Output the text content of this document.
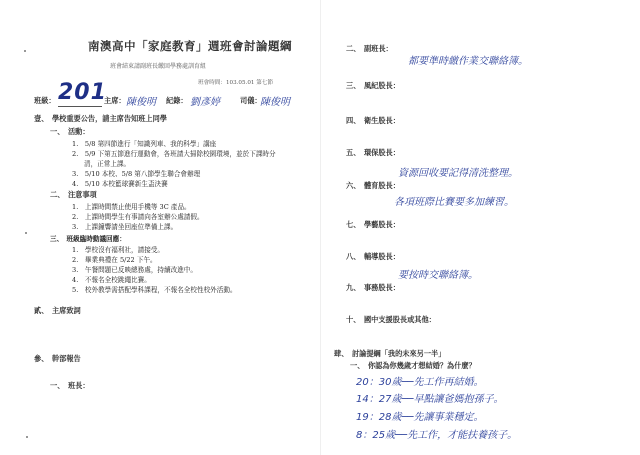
南澳高中「家庭教育」週班會討論題綱
班會結束請副班長繳回學務處訓育組
班會時間：103.05.01 第七節
班級： 201
主席： 陳俊明 紀錄： 劉彥婷	司儀：
陳俊明
壹、　學校重要公告，請主席告知班上同學
一、　活動：
1.　5/8 第四節進行「知識列車、我的科學」講座
2.　5/9 下第五節進行運動會，各班請大掃除校園環境，並於下課時分
清，正常上課。
3.　5/10 本校、5/8 第八節學生聯合會辦理
4.　5/10 本校籃球賽新生盃決賽
二、　注意事項
1.　上課時間禁止使用手機等 3C 產品。
2.　上課時間學生有事請向各室辦公處請假。
3.　上課鐘響請坐回座位準備上課。
三、　班級臨時動議回應：
1.　學校沒有福利社，請接受。
2.　畢業典禮在 5/22 下午。
3.　午餐問題已反映總務處，持續改進中。
4.　不報名全校跳繩比賽。
5.　校外教學需搭配學科課程，不報名全校性校外活動。
貳、　主席致詞
參、　幹部報告
一、　班長：
二、　副班長：
都要準時繳作業交聯絡簿。
三、　風紀股長：
四、　衛生股長：
五、　環保股長：
資源回收要記得清洗整理。
六、　體育股長：
各項班際比賽要多加練習。
七、　學藝股長：
八、　輔導股長：
要按時交聯絡簿。
九、　事務股長：
十、　國中支援股長或其他：
肆、　討論提綱「我的未來另一半」
一、　你認為你幾歲才想結婚？為什麼？
20：30歲──先工作再結婚。
14：27歲──早點讓爸媽抱孫子。
19：28歲──先讓事業穩定。
8：25歲──先工作，才能扶養孩子。
